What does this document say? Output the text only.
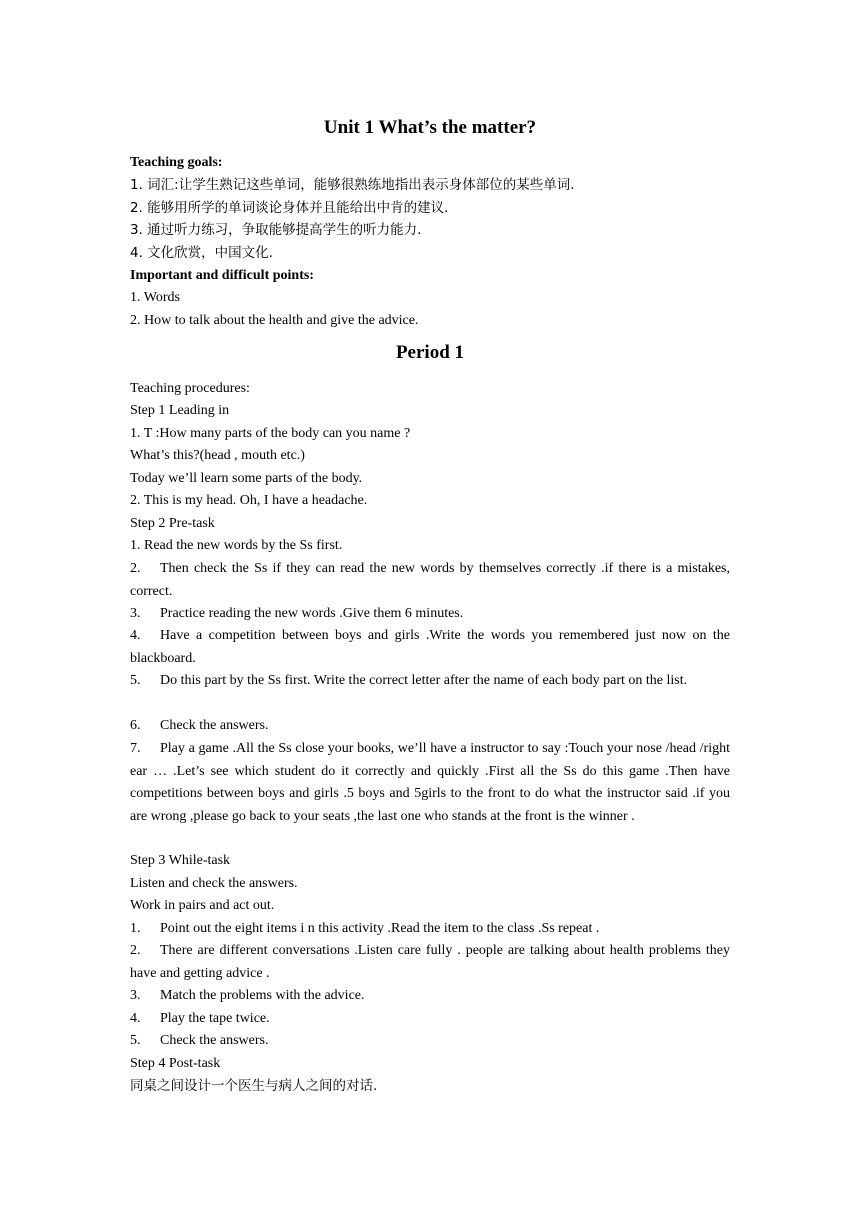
Unit 1 What’s the matter?
Teaching goals:
1. 词汇:让学生熟记这些单词，能够很熟练地指出表示身体部位的某些单词.
2. 能够用所学的单词谈论身体并且能给出中肯的建议.
3. 通过听力练习，争取能够提高学生的听力能力.
4. 文化欣赏，中国文化.
Important and difficult points:
1. Words
2. How to talk about the health and give the advice.
Period 1
Teaching procedures:
Step 1 Leading in
1. T :How many parts of the body can you name ?
What’s this?(head , mouth etc.)
Today we’ll learn some parts of the body.
2. This is my head. Oh, I have a headache.
Step 2 Pre-task
1. Read the new words by the Ss first.
2. Then check the Ss if they can read the new words by themselves correctly .if there is a mistakes, correct.
3. Practice reading the new words .Give them 6 minutes.
4. Have a competition between boys and girls .Write the words you remembered just now on the blackboard.
5. Do this part by the Ss first. Write the correct letter after the name of each body part on the list.
6. Check the answers.
7. Play a game .All the Ss close your books, we’ll have a instructor to say :Touch your nose /head /right ear … .Let’s see which student do it correctly and quickly .First all the Ss do this game .Then have competitions between boys and girls .5 boys and 5girls to the front to do what the instructor said .if you are wrong ,please go back to your seats ,the last one who stands at the front is the winner .
Step 3 While-task
Listen and check the answers.
Work in pairs and act out.
1. Point out the eight items i n this activity .Read the item to the class .Ss repeat .
2. There are different conversations .Listen care fully . people are talking about health problems they have and getting advice .
3. Match the problems with the advice.
4. Play the tape twice.
5. Check the answers.
Step 4 Post-task
同桌之间设计一个医生与病人之间的对话.
